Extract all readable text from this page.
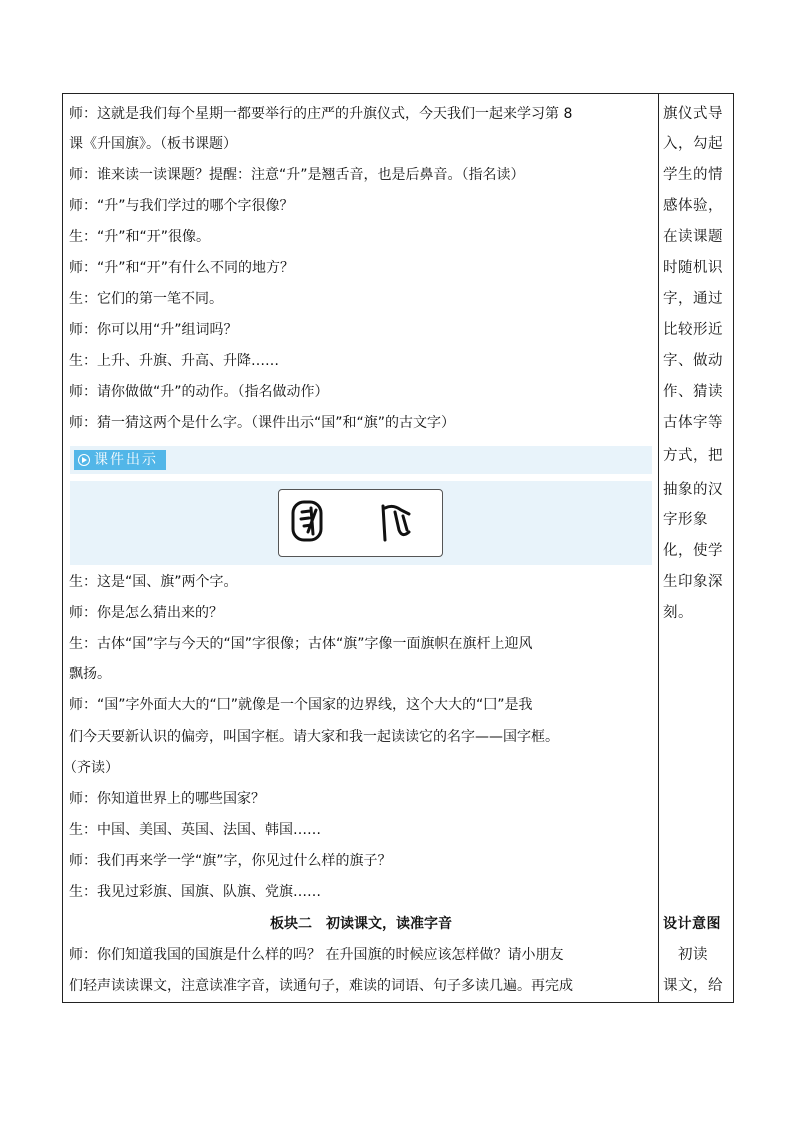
师：这就是我们每个星期一都要举行的庄严的升旗仪式，今天我们一起来学习第 8
课《升国旗》。（板书课题）
师：谁来读一读课题？提醒：注意“升”是翘舌音，也是后鼻音。（指名读）
师：“升”与我们学过的哪个字很像？
生：“升”和“开”很像。
师：“升”和“开”有什么不同的地方？
生：它们的第一笔不同。
师：你可以用“升”组词吗？
生：上升、升旗、升高、升降……
师：请你做做“升”的动作。（指名做动作）
师：猜一猜这两个是什么字。（课件出示“国”和“旗”的古文字）
课件出示
生：这是“国、旗”两个字。
师：你是怎么猜出来的？
生：古体“国”字与今天的“国”字很像；古体“旗”字像一面旗帜在旗杆上迎风
飘扬。
师：“国”字外面大大的“囗”就像是一个国家的边界线，这个大大的“囗”是我
们今天要新认识的偏旁，叫国字框。请大家和我一起读读它的名字——国字框。
（齐读）
师：你知道世界上的哪些国家？
生：中国、美国、英国、法国、韩国……
师：我们再来学一学“旗”字，你见过什么样的旗子？
生：我见过彩旗、国旗、队旗、党旗……
板块二　初读课文，读准字音
师：你们知道我国的国旗是什么样的吗？ 在升国旗的时候应该怎样做？请小朋友
们轻声读读课文，注意读准字音，读通句子，难读的词语、句子多读几遍。再完成
旗仪式导
入，勾起
学生的情
感体验，
在读课题
时随机识
字，通过
比较形近
字、做动
作、猜读
古体字等
方式，把
抽象的汉
字形象
化，使学
生印象深
刻。
设计意图
　初读
课文，给
